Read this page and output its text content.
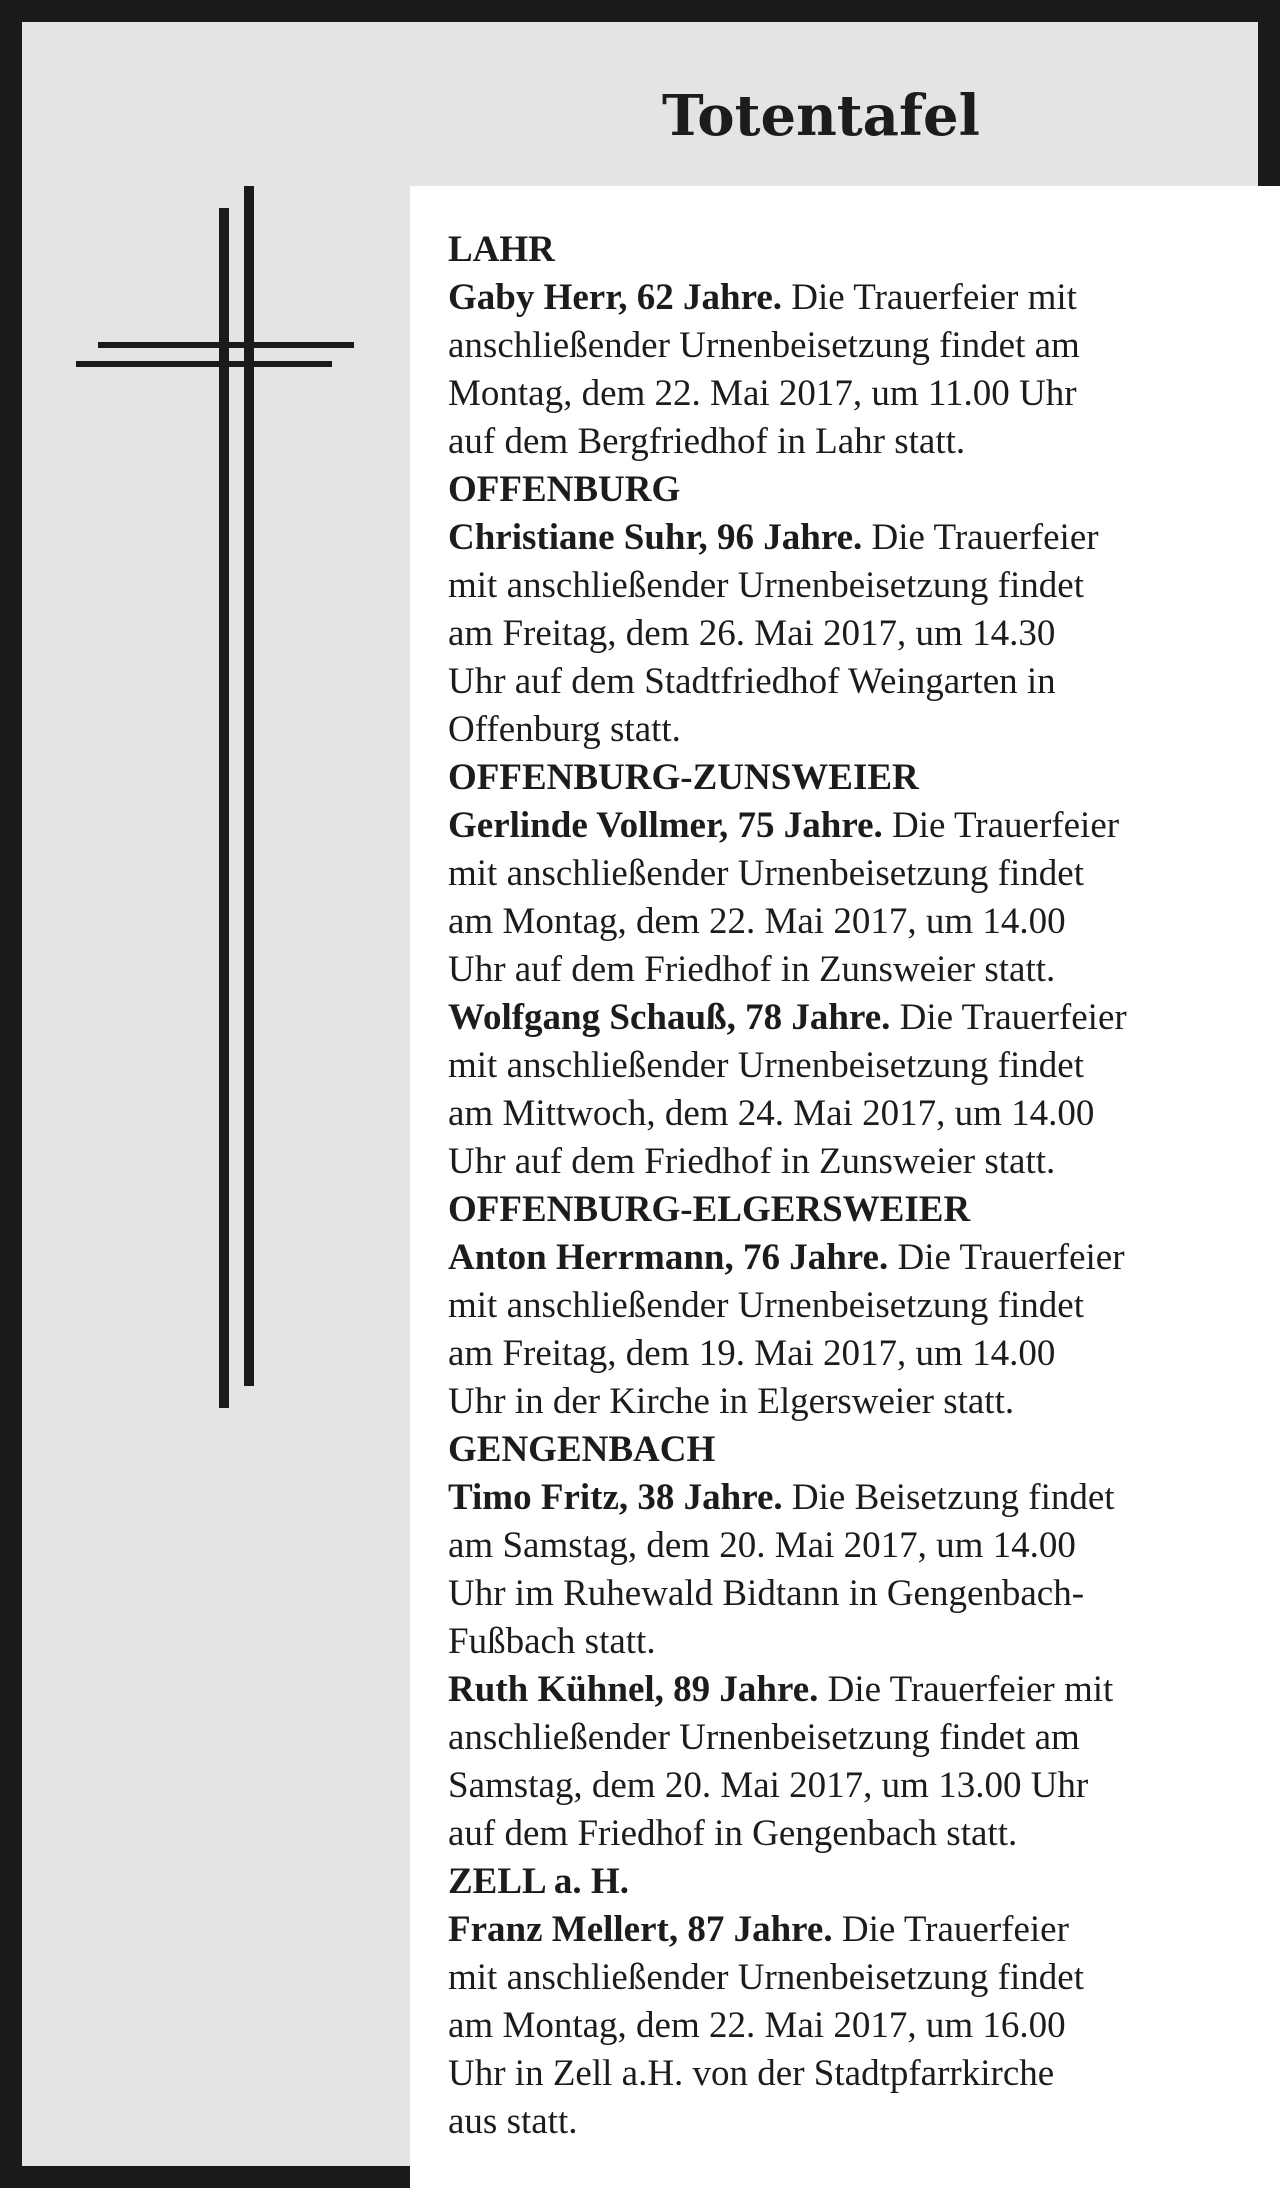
Totentafel

LAHR

Gaby Herr, 62 Jahre. Die Trauerfeier mit
anschließender Urnenbeisetzung findet am
Montag, dem 22. Mai 2017, um 11.00 Uhr
auf dem Bergfriedhof in Lahr statt.

OFFENBURG

Christiane Suhr, 96 Jahre. Die Trauerfeier
mit anschließender Urnenbeisetzung findet
am Freitag, dem 26. Mai 2017, um 14.30
Uhr auf dem Stadtfriedhof Weingarten in
Offenburg statt.

OFFENBURG-ZUNSWEIER

Gerlinde Vollmer, 75 Jahre. Die Trauerfeier
mit anschließender Urnenbeisetzung findet
am Montag, dem 22. Mai 2017, um 14.00
Uhr auf dem Friedhof in Zunsweier statt.

Wolfgang Schauß, 78 Jahre. Die Trauerfeier
mit anschließender Urnenbeisetzung findet
am Mittwoch, dem 24. Mai 2017, um 14.00
Uhr auf dem Friedhof in Zunsweier statt.

OFFENBURG-ELGERSWEIER

Anton Herrmann, 76 Jahre. Die Trauerfeier
mit anschließender Urnenbeisetzung findet
am Freitag, dem 19. Mai 2017, um 14.00
Uhr in der Kirche in Elgersweier statt.

GENGENBACH

Timo Fritz, 38 Jahre. Die Beisetzung findet
am Samstag, dem 20. Mai 2017, um 14.00
Uhr im Ruhewald Bidtann in Gengenbach-
Fußbach statt.

Ruth Kühnel, 89 Jahre. Die Trauerfeier mit
anschließender Urnenbeisetzung findet am
Samstag, dem 20. Mai 2017, um 13.00 Uhr
auf dem Friedhof in Gengenbach statt.

ZELL a. H.

Franz Mellert, 87 Jahre. Die Trauerfeier
mit anschließender Urnenbeisetzung findet
am Montag, dem 22. Mai 2017, um 16.00
Uhr in Zell a.H. von der Stadtpfarrkirche
aus statt.
